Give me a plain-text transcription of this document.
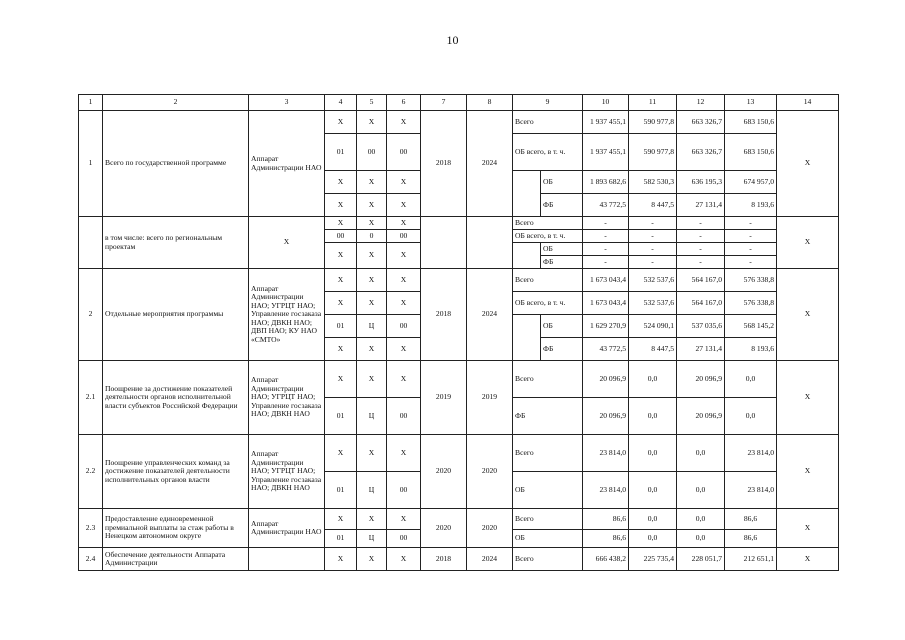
10
1	2	3	4	5	6	7	8	9		10	11	12	13	14
1	Всего по государственной программе	Аппарат Администрации НАО	Х	Х	Х	2018	2024	Всего		1 937 455,1	590 977,8	663 326,7	683 150,6	Х
			01	00	00			ОБ всего, в т. ч.		1 937 455,1	590 977,8	663 326,7	683 150,6	
			Х	Х	Х				ОБ	1 893 682,6	582 530,3	636 195,3	674 957,0	
			Х	Х	Х				ФБ	43 772,5	8 447,5	27 131,4	8 193,6	
	в том числе: всего по региональным проектам	Х	Х	Х	Х			Всего		-	-	-	-	Х
			00	0	00			ОБ всего, в т. ч.		-	-	-	-	
			Х	Х	Х				ОБ	-	-	-	-	
									ФБ	-	-	-	-	
2	Отдельные мероприятия программы	Аппарат Администрации НАО; УГРЦТ НАО; Управление госзаказа НАО; ДВКН НАО; ДВП НАО; КУ НАО «СМТО»	Х	Х	Х	2018	2024	Всего		1 673 043,4	532 537,6	564 167,0	576 338,8	Х
			Х	Х	Х			ОБ всего, в т. ч.		1 673 043,4	532 537,6	564 167,0	576 338,8	
			01	Ц	00				ОБ	1 629 270,9	524 090,1	537 035,6	568 145,2	
			Х	Х	Х				ФБ	43 772,5	8 447,5	27 131,4	8 193,6	
2.1	Поощрение за достижение показателей деятельности органов исполнительной власти субъектов Российской Федерации	Аппарат Администрации НАО; УГРЦТ НАО; Управление госзаказа НАО; ДВКН НАО	Х	Х	Х	2019	2019	Всего		20 096,9	0,0	20 096,9	0,0	Х
			01	Ц	00			ФБ		20 096,9	0,0	20 096,9	0,0	
2.2	Поощрение управленческих команд за достижение показателей деятельности исполнительных органов власти	Аппарат Администрации НАО; УГРЦТ НАО; Управление госзаказа НАО; ДВКН НАО	Х	Х	Х	2020	2020	Всего		23 814,0	0,0	0,0	23 814,0	Х
			01	Ц	00			ОБ		23 814,0	0,0	0,0	23 814,0	
2.3	Предоставление единовременной премиальной выплаты за стаж работы в Ненецком автономном округе	Аппарат Администрации НАО	Х	Х	Х	2020	2020	Всего		86,6	0,0	0,0	86,6	Х
			01	Ц	00			ОБ		86,6	0,0	0,0	86,6	
2.4	Обеспечение деятельности Аппарата Администрации		Х	Х	Х	2018	2024	Всего		666 438,2	225 735,4	228 051,7	212 651,1	Х
